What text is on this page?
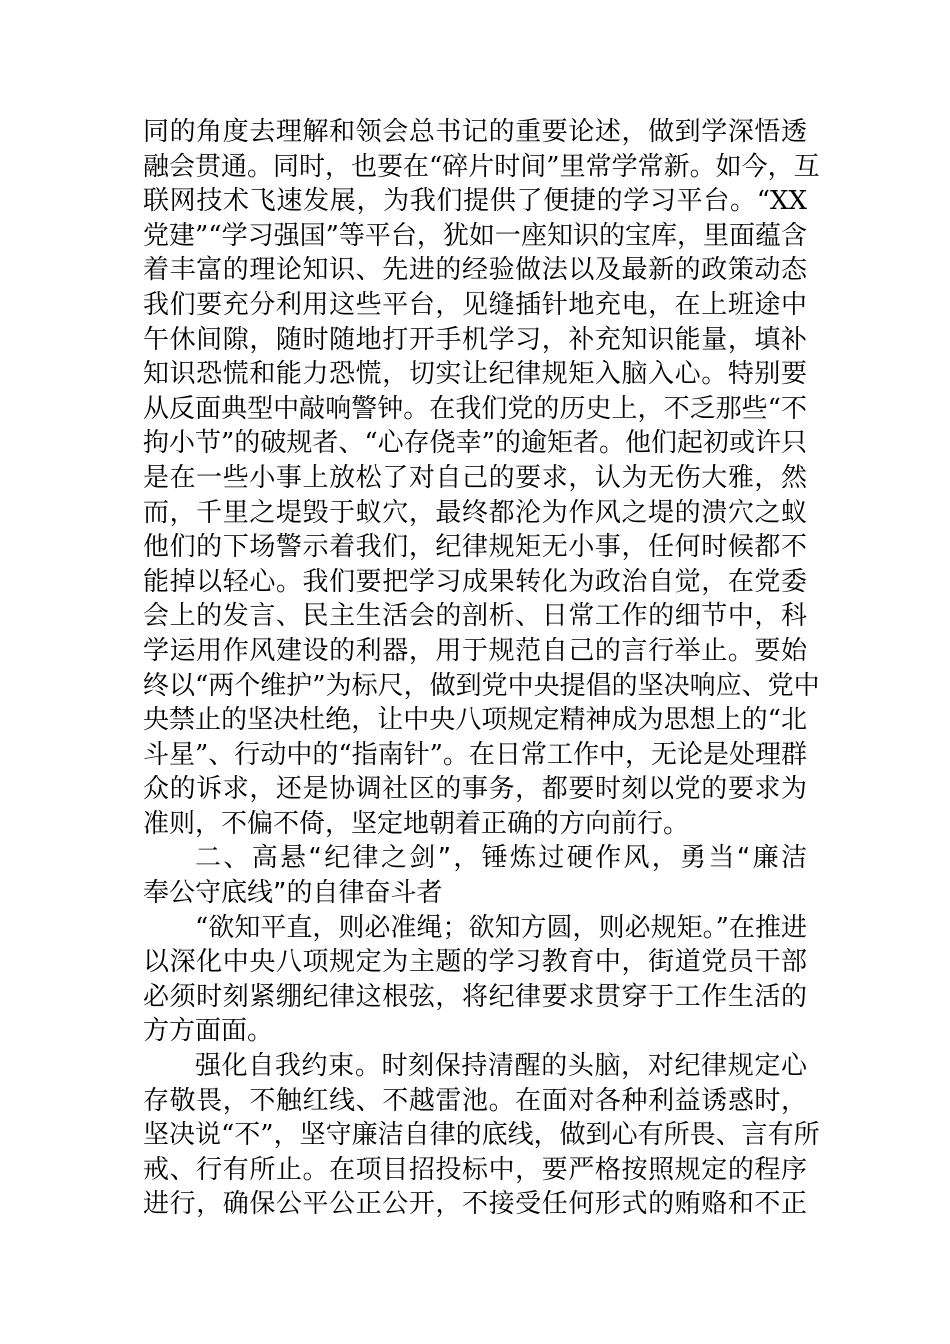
同的角度去理解和领会总书记的重要论述，做到学深悟透
融会贯通。同时，也要在“碎片时间”里常学常新。如今，互
联网技术飞速发展，为我们提供了便捷的学习平台。“XX
党建”“学习强国”等平台，犹如一座知识的宝库，里面蕴含
着丰富的理论知识、先进的经验做法以及最新的政策动态
我们要充分利用这些平台，见缝插针地充电，在上班途中
午休间隙，随时随地打开手机学习，补充知识能量，填补
知识恐慌和能力恐慌，切实让纪律规矩入脑入心。特别要
从反面典型中敲响警钟。在我们党的历史上，不乏那些“不
拘小节”的破规者、“心存侥幸”的逾矩者。他们起初或许只
是在一些小事上放松了对自己的要求，认为无伤大雅，然
而，千里之堤毁于蚁穴，最终都沦为作风之堤的溃穴之蚁
他们的下场警示着我们，纪律规矩无小事，任何时候都不
能掉以轻心。我们要把学习成果转化为政治自觉，在党委
会上的发言、民主生活会的剖析、日常工作的细节中，科
学运用作风建设的利器，用于规范自己的言行举止。要始
终以“两个维护”为标尺，做到党中央提倡的坚决响应、党中
央禁止的坚决杜绝，让中央八项规定精神成为思想上的“北
斗星”、行动中的“指南针”。在日常工作中，无论是处理群
众的诉求，还是协调社区的事务，都要时刻以党的要求为
准则，不偏不倚，坚定地朝着正确的方向前行。
二、高悬“纪律之剑”，锤炼过硬作风，勇当“廉洁
奉公守底线”的自律奋斗者
“欲知平直，则必准绳；欲知方圆，则必规矩。”在推进
以深化中央八项规定为主题的学习教育中，街道党员干部
必须时刻紧绷纪律这根弦，将纪律要求贯穿于工作生活的
方方面面。
强化自我约束。时刻保持清醒的头脑，对纪律规定心
存敬畏，不触红线、不越雷池。在面对各种利益诱惑时，
坚决说“不”，坚守廉洁自律的底线，做到心有所畏、言有所
戒、行有所止。在项目招投标中，要严格按照规定的程序
进行，确保公平公正公开，不接受任何形式的贿赂和不正
